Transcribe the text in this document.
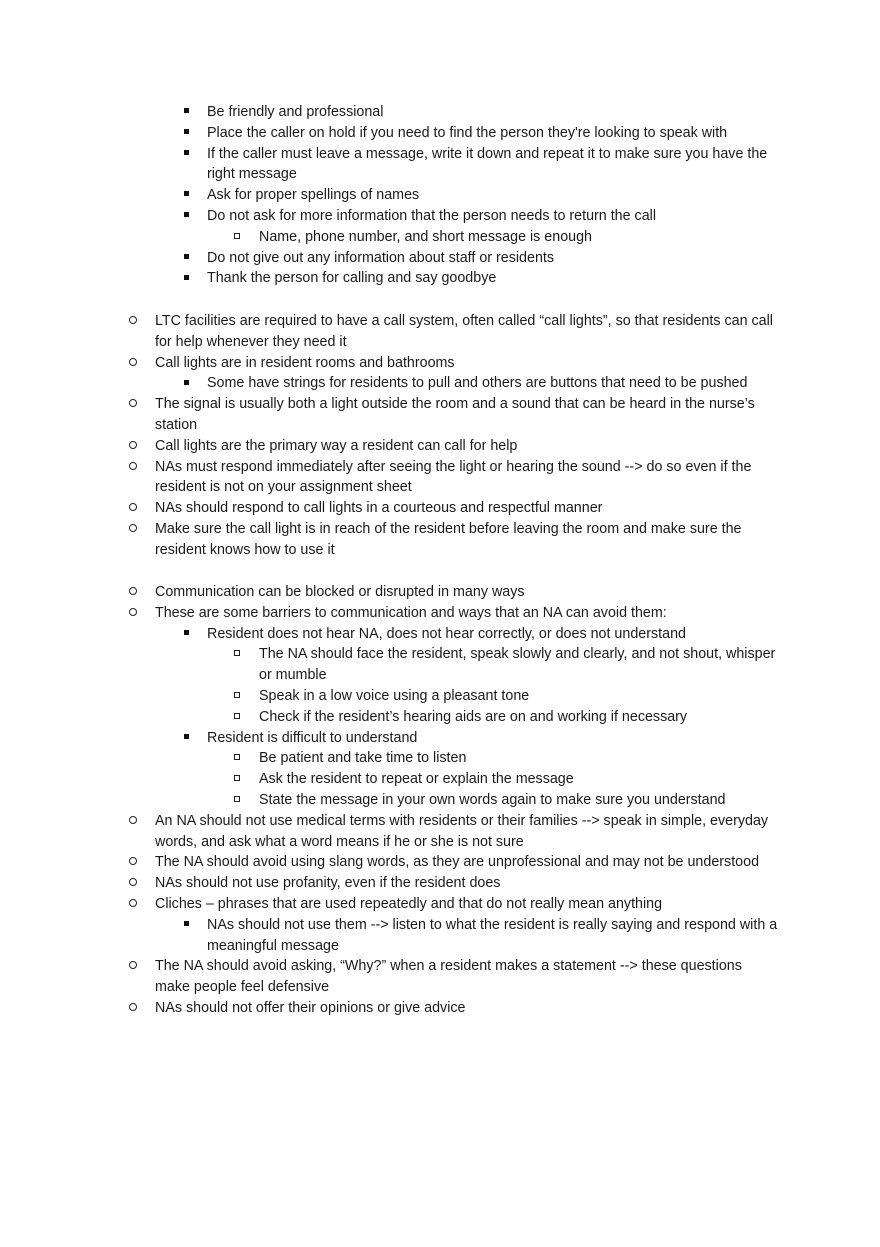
Be friendly and professional
Place the caller on hold if you need to find the person they're looking to speak with
If the caller must leave a message, write it down and repeat it to make sure you have the right message
Ask for proper spellings of names
Do not ask for more information that the person needs to return the call
Name, phone number, and short message is enough
Do not give out any information about staff or residents
Thank the person for calling and say goodbye
LTC facilities are required to have a call system, often called “call lights”, so that residents can call for help whenever they need it
Call lights are in resident rooms and bathrooms
Some have strings for residents to pull and others are buttons that need to be pushed
The signal is usually both a light outside the room and a sound that can be heard in the nurse’s station
Call lights are the primary way a resident can call for help
NAs must respond immediately after seeing the light or hearing the sound --> do so even if the resident is not on your assignment sheet
NAs should respond to call lights in a courteous and respectful manner
Make sure the call light is in reach of the resident before leaving the room and make sure the resident knows how to use it
Communication can be blocked or disrupted in many ways
These are some barriers to communication and ways that an NA can avoid them:
Resident does not hear NA, does not hear correctly, or does not understand
The NA should face the resident, speak slowly and clearly, and not shout, whisper or mumble
Speak in a low voice using a pleasant tone
Check if the resident’s hearing aids are on and working if necessary
Resident is difficult to understand
Be patient and take time to listen
Ask the resident to repeat or explain the message
State the message in your own words again to make sure you understand
An NA should not use medical terms with residents or their families --> speak in simple, everyday words, and ask what a word means if he or she is not sure
The NA should avoid using slang words, as they are unprofessional and may not be understood
NAs should not use profanity, even if the resident does
Cliches – phrases that are used repeatedly and that do not really mean anything
NAs should not use them --> listen to what the resident is really saying and respond with a meaningful message
The NA should avoid asking, “Why?” when a resident makes a statement --> these questions make people feel defensive
NAs should not offer their opinions or give advice
